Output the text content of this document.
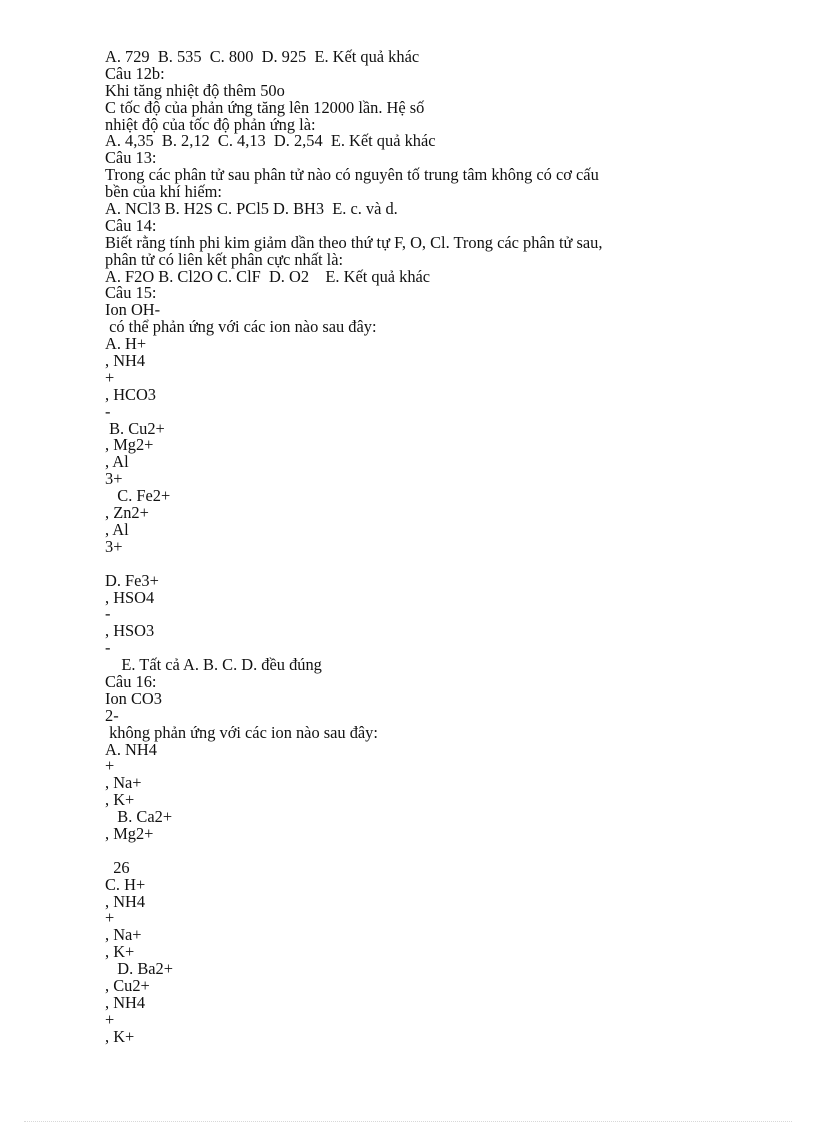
A. 729  B. 535  C. 800  D. 925  E. Kết quả khác
Câu 12b:
Khi tăng nhiệt độ thêm 50o
C tốc độ của phản ứng tăng lên 12000 lần. Hệ số
nhiệt độ của tốc độ phản ứng là:
A. 4,35  B. 2,12  C. 4,13  D. 2,54  E. Kết quả khác
Câu 13:
Trong các phân tử sau phân tử nào có nguyên tố trung tâm không có cơ cấu
bền của khí hiếm:
A. NCl3 B. H2S C. PCl5 D. BH3  E. c. và d.
Câu 14:
Biết rằng tính phi kim giảm dần theo thứ tự F, O, Cl. Trong các phân tử sau,
phân tử có liên kết phân cực nhất là:
A. F2O B. Cl2O C. ClF  D. O2    E. Kết quả khác
Câu 15:
Ion OH-
có thể phản ứng với các ion nào sau đây:
A. H+
, NH4
+
, HCO3
-
B. Cu2+
, Mg2+
, Al
3+
C. Fe2+
, Zn2+
, Al
3+
D. Fe3+
, HSO4
-
, HSO3
-
E. Tất cả A. B. C. D. đều đúng
Câu 16:
Ion CO3
2-
không phản ứng với các ion nào sau đây:
A. NH4
+
, Na+
, K+
B. Ca2+
, Mg2+
26
C. H+
, NH4
+
, Na+
, K+
D. Ba2+
, Cu2+
, NH4
+
, K+
